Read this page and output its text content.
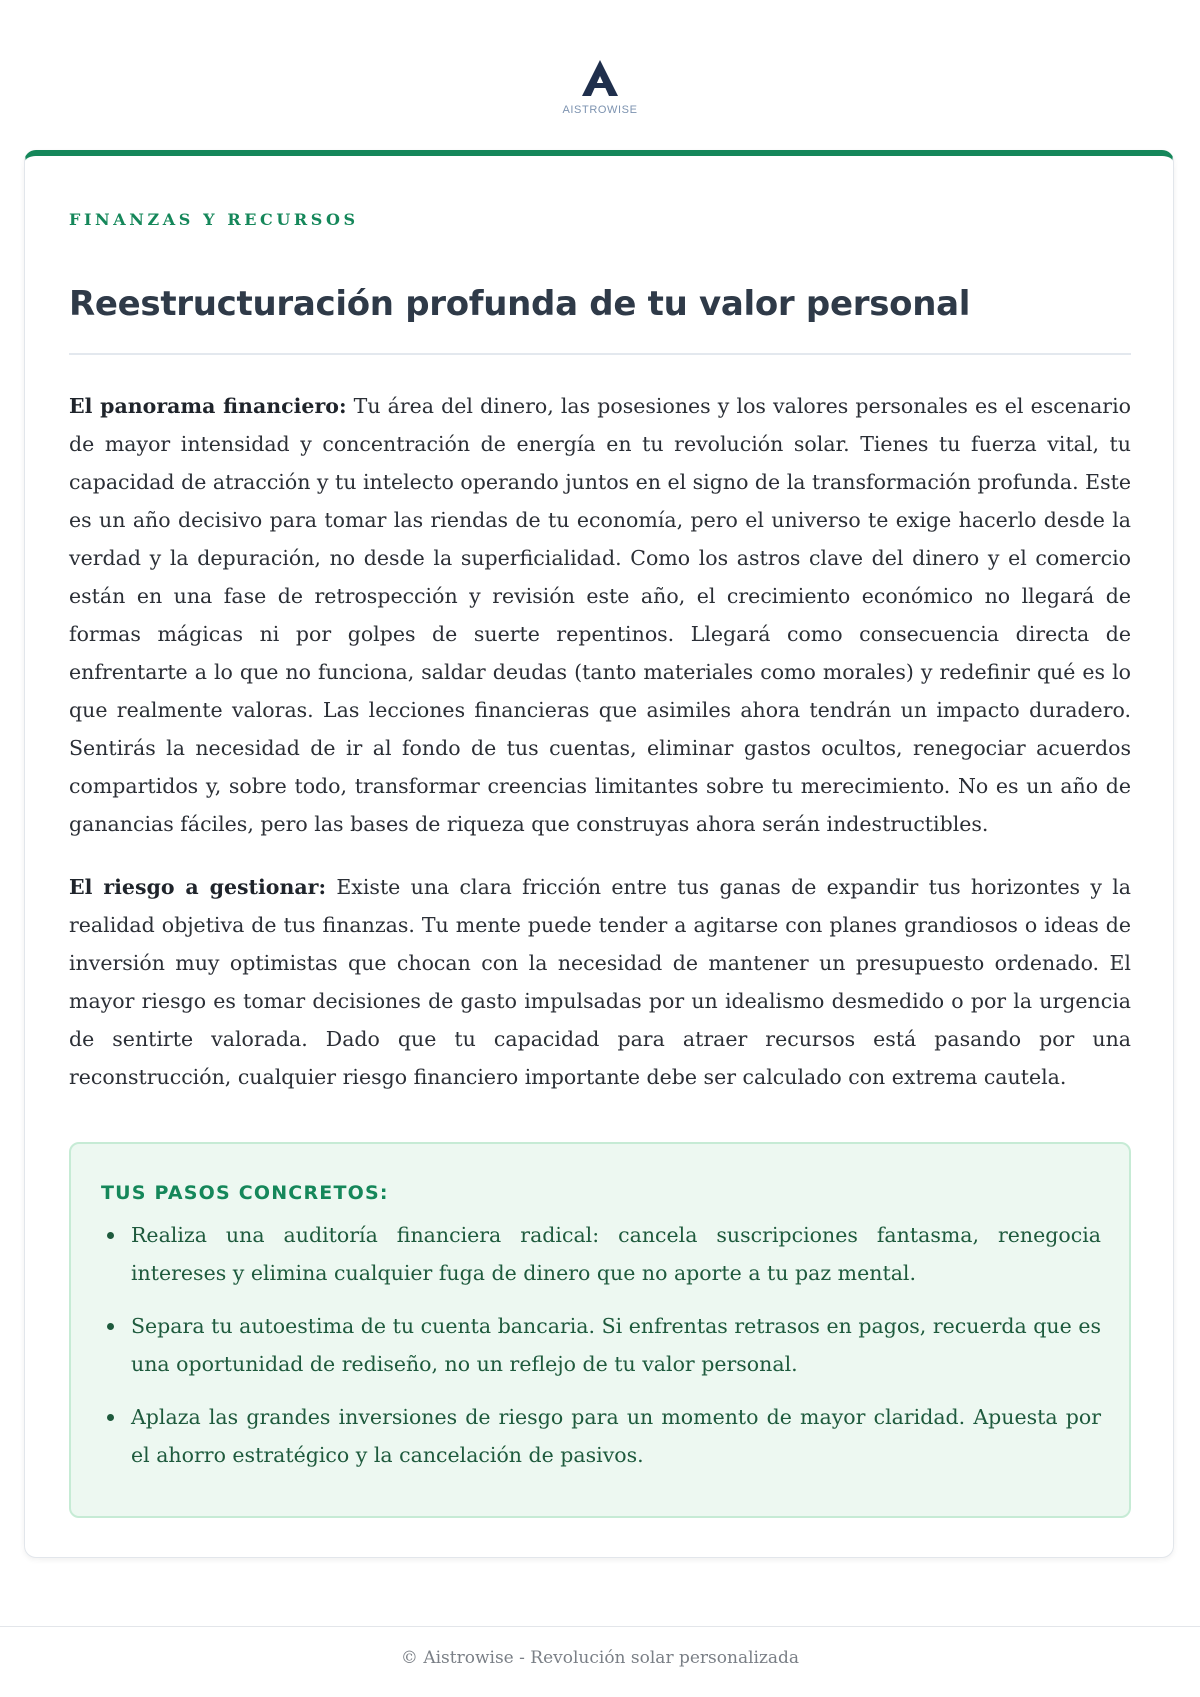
AISTROWISE

FINANZAS Y RECURSOS

Reestructuración profunda de tu valor personal

El panorama financiero: Tu área del dinero, las posesiones y los valores personales es el escenario de mayor intensidad y concentración de energía en tu revolución solar. Tienes tu fuerza vital, tu capacidad de atracción y tu intelecto operando juntos en el signo de la transformación profunda. Este es un año decisivo para tomar las riendas de tu economía, pero el universo te exige hacerlo desde la verdad y la depuración, no desde la superficialidad. Como los astros clave del dinero y el comercio están en una fase de retrospección y revisión este año, el crecimiento económico no llegará de formas mágicas ni por golpes de suerte repentinos. Llegará como consecuencia directa de enfrentarte a lo que no funciona, saldar deudas (tanto materiales como morales) y redefinir qué es lo que realmente valoras. Las lecciones financieras que asimiles ahora tendrán un impacto duradero. Sentirás la necesidad de ir al fondo de tus cuentas, eliminar gastos ocultos, renegociar acuerdos compartidos y, sobre todo, transformar creencias limitantes sobre tu merecimiento. No es un año de ganancias fáciles, pero las bases de riqueza que construyas ahora serán indestructibles.

El riesgo a gestionar: Existe una clara fricción entre tus ganas de expandir tus horizontes y la realidad objetiva de tus finanzas. Tu mente puede tender a agitarse con planes grandiosos o ideas de inversión muy optimistas que chocan con la necesidad de mantener un presupuesto ordenado. El mayor riesgo es tomar decisiones de gasto impulsadas por un idealismo desmedido o por la urgencia de sentirte valorada. Dado que tu capacidad para atraer recursos está pasando por una reconstrucción, cualquier riesgo financiero importante debe ser calculado con extrema cautela.

TUS PASOS CONCRETOS:
Realiza una auditoría financiera radical: cancela suscripciones fantasma, renegocia intereses y elimina cualquier fuga de dinero que no aporte a tu paz mental.
Separa tu autoestima de tu cuenta bancaria. Si enfrentas retrasos en pagos, recuerda que es una oportunidad de rediseño, no un reflejo de tu valor personal.
Aplaza las grandes inversiones de riesgo para un momento de mayor claridad. Apuesta por el ahorro estratégico y la cancelación de pasivos.
© Aistrowise - Revolución solar personalizada
